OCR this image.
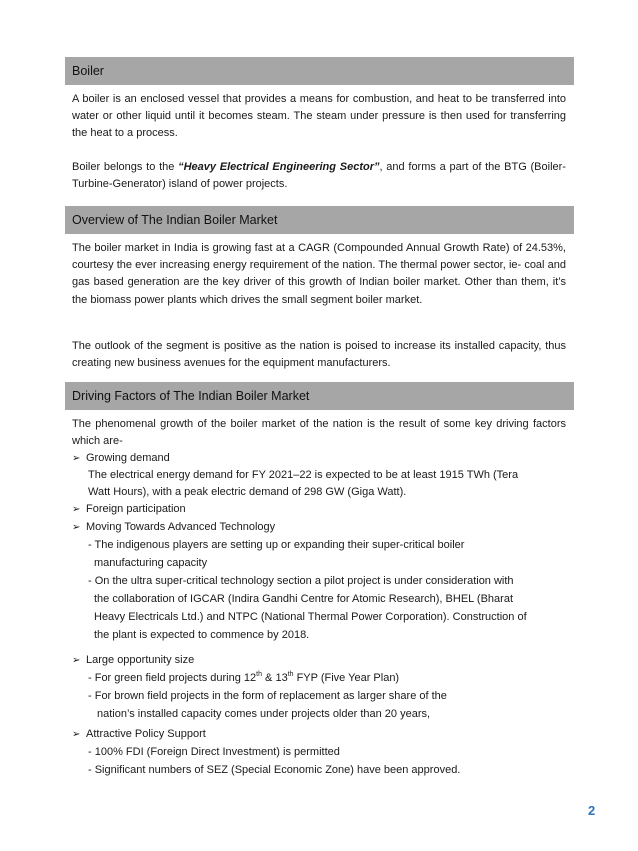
Boiler
A boiler is an enclosed vessel that provides a means for combustion, and heat to be transferred into water or other liquid until it becomes steam. The steam under pressure is then used for transferring the heat to a process.
Boiler belongs to the “Heavy Electrical Engineering Sector”, and forms a part of the BTG (Boiler-Turbine-Generator) island of power projects.
Overview of The Indian Boiler Market
The boiler market in India is growing fast at a CAGR (Compounded Annual Growth Rate) of 24.53%, courtesy the ever increasing energy requirement of the nation. The thermal power sector, ie- coal and gas based generation are the key driver of this growth of Indian boiler market. Other than them, it’s the biomass power plants which drives the small segment boiler market.
The outlook of the segment is positive as the nation is poised to increase its installed capacity, thus creating new business avenues for the equipment manufacturers.
Driving Factors of The Indian Boiler Market
The phenomenal growth of the boiler market of the nation is the result of some key driving factors which are-
➢ Growing demand
The electrical energy demand for FY 2021–22 is expected to be at least 1915 TWh (Tera
Watt Hours), with a peak electric demand of 298 GW (Giga Watt).
➢ Foreign participation
➢ Moving Towards Advanced Technology
- The indigenous players are setting up or expanding their super-critical boiler
manufacturing capacity
- On the ultra super-critical technology section a pilot project is under consideration with
the collaboration of IGCAR (Indira Gandhi Centre for Atomic Research), BHEL (Bharat
Heavy Electricals Ltd.) and NTPC (National Thermal Power Corporation). Construction of
the plant is expected to commence by 2018.
➢ Large opportunity size
- For green field projects during 12th & 13th FYP (Five Year Plan)
- For brown field projects in the form of replacement as larger share of the
nation’s installed capacity comes under projects older than 20 years,
➢ Attractive Policy Support
- 100% FDI (Foreign Direct Investment) is permitted
- Significant numbers of SEZ (Special Economic Zone) have been approved.
2
